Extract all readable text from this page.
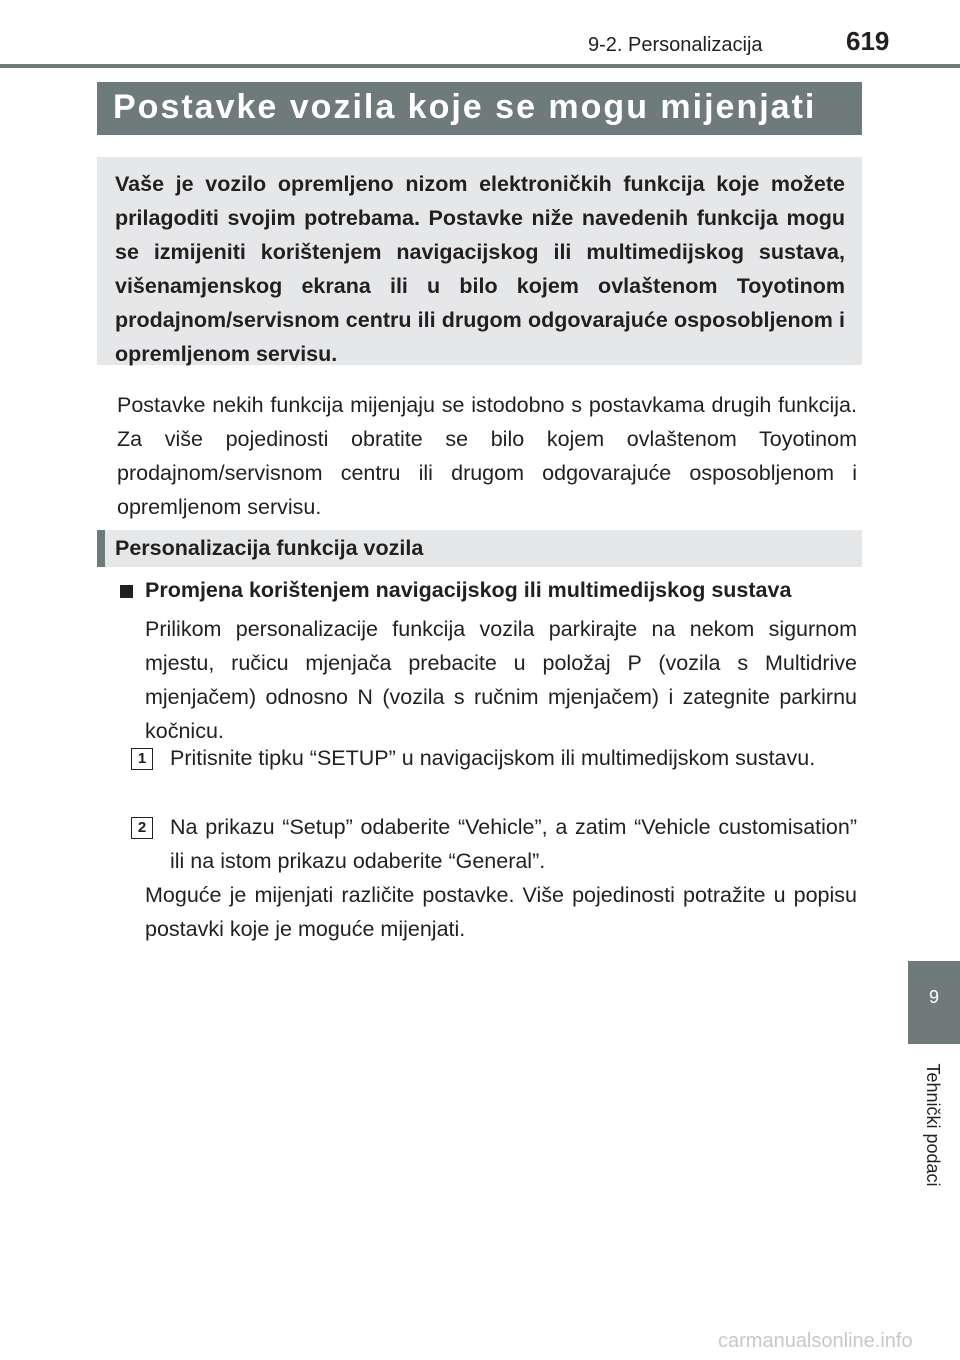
9-2. Personalizacija	619
Postavke vozila koje se mogu mijenjati
Vaše je vozilo opremljeno nizom elektroničkih funkcija koje možete prilagoditi svojim potrebama. Postavke niže navedenih funkcija mogu se izmijeniti korištenjem navigacijskog ili multimedijskog sustava, višenamjenskog ekrana ili u bilo kojem ovlaštenom Toyotinom prodajnom/servisnom centru ili drugom odgovarajuće osposobljenom i opremljenom servisu.
Postavke nekih funkcija mijenjaju se istodobno s postavkama drugih funkcija. Za više pojedinosti obratite se bilo kojem ovlaštenom Toyotinom prodajnom/servisnom centru ili drugom odgovarajuće osposobljenom i opremljenom servisu.
Personalizacija funkcija vozila
Promjena korištenjem navigacijskog ili multimedijskog sustava
Prilikom personalizacije funkcija vozila parkirajte na nekom sigurnom mjestu, ručicu mjenjača prebacite u položaj P (vozila s Multidrive mjenjačem) odnosno N (vozila s ručnim mjenjačem) i zategnite parkirnu kočnicu.
1	Pritisnite tipku “SETUP” u navigacijskom ili multimedijskom sustavu.
2	Na prikazu “Setup” odaberite “Vehicle”, a zatim “Vehicle customisation” ili na istom prikazu odaberite “General”.
Moguće je mijenjati različite postavke. Više pojedinosti potražite u popisu postavki koje je moguće mijenjati.
9
Tehnički podaci
carmanualsonline.info
